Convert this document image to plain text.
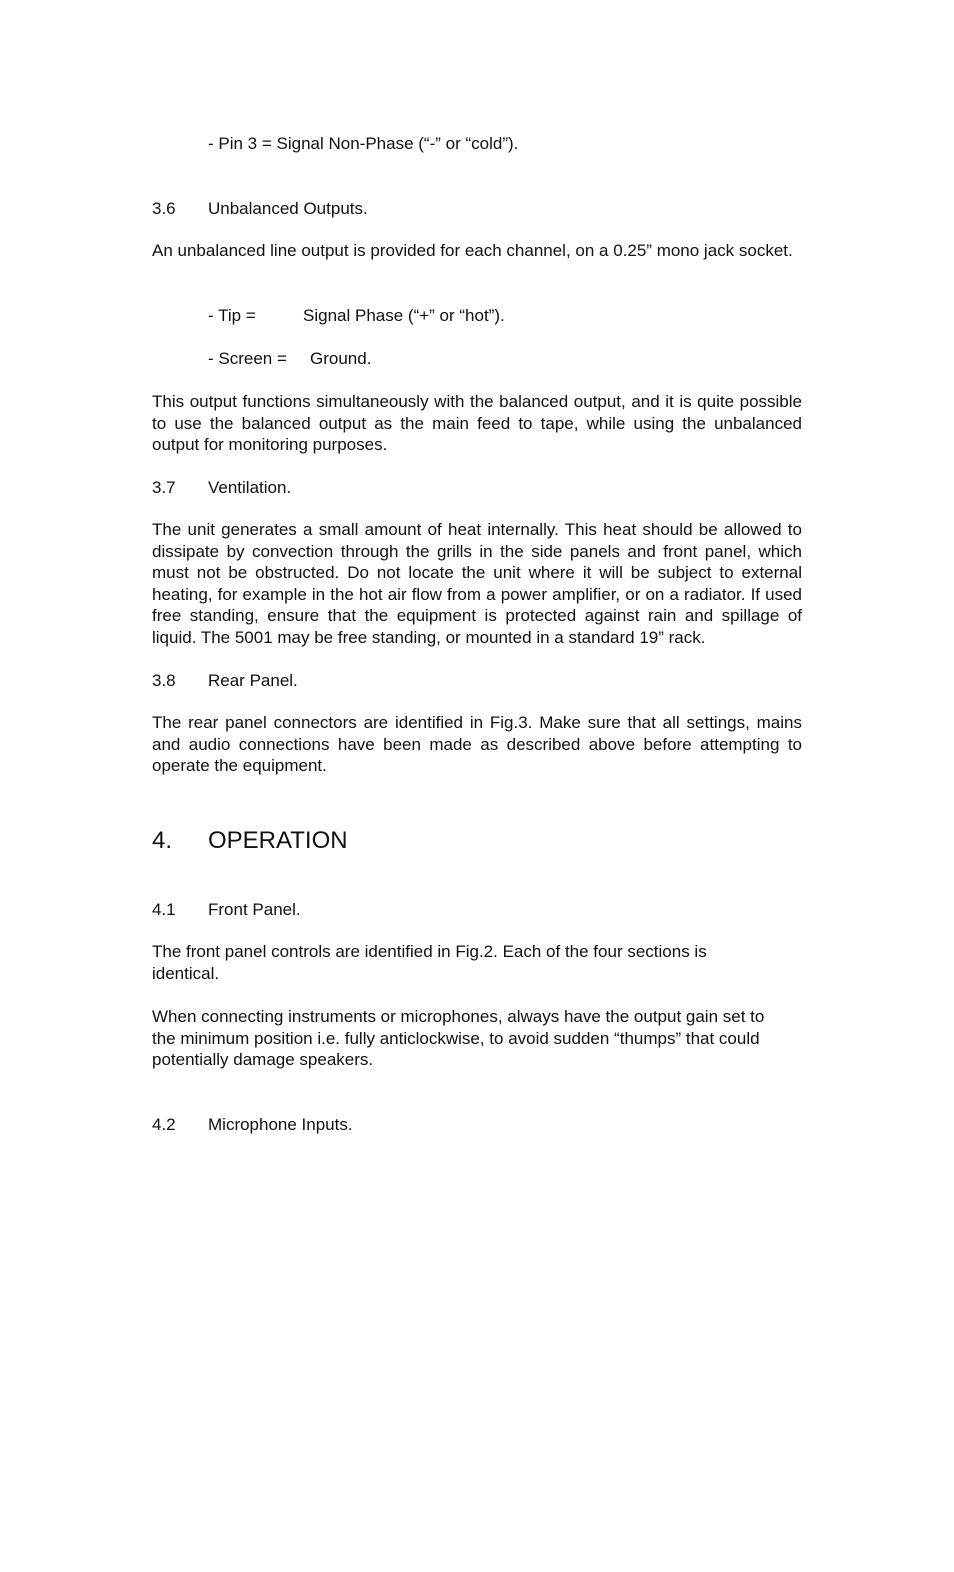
- Pin 3 = Signal Non-Phase (“-” or “cold”).
3.6 Unbalanced Outputs.
An unbalanced line output is provided for each channel, on a 0.25” mono jack socket.
- Tip =	Signal Phase (“+” or “hot”).
- Screen = Ground.
This output functions simultaneously with the balanced output, and it is quite possible to use the balanced output as the main feed to tape, while using the unbalanced output for monitoring purposes.
3.7 Ventilation.
The unit generates a small amount of heat internally. This heat should be allowed to dissipate by convection through the grills in the side panels and front panel, which must not be obstructed. Do not locate the unit where it will be subject to external heating, for example in the hot air flow from a power amplifier, or on a radiator. If used free standing, ensure that the equipment is protected against rain and spillage of liquid. The 5001 may be free standing, or mounted in a standard 19” rack.
3.8 Rear Panel.
The rear panel connectors are identified in Fig.3. Make sure that all settings, mains and audio connections have been made as described above before attempting to operate the equipment.
4. OPERATION
4.1 Front Panel.
The front panel controls are identified in Fig.2. Each of the four sections is identical.
When connecting instruments or microphones, always have the output gain set to the minimum position i.e. fully anticlockwise, to avoid sudden “thumps” that could potentially damage speakers.
4.2 Microphone Inputs.
